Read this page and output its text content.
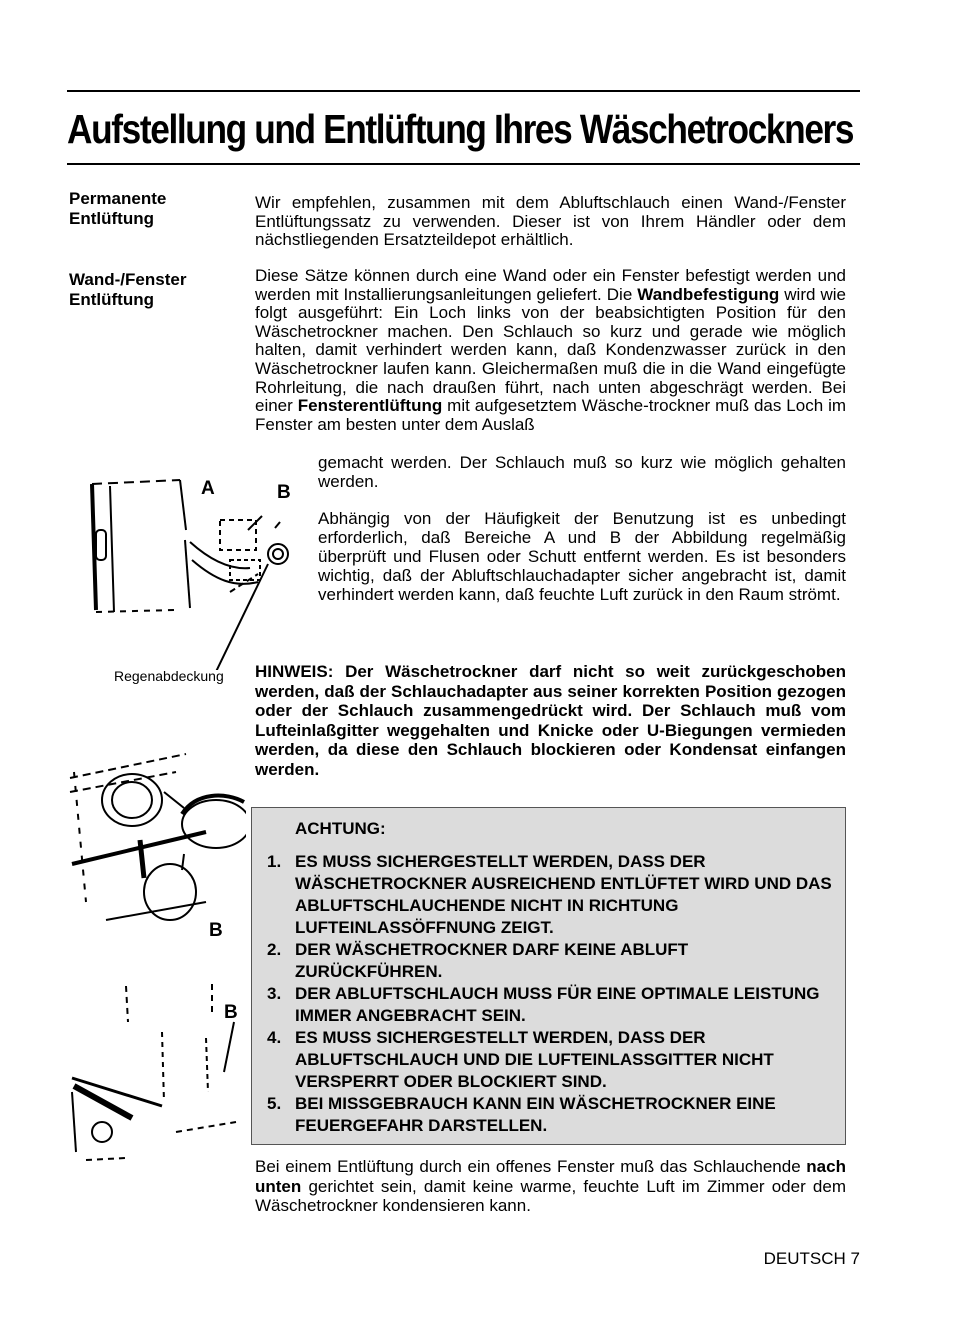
Aufstellung und Entlüftung Ihres Wäschetrockners
Permanente
Entlüftung
Wand-/Fenster
Entlüftung

Wir empfehlen, zusammen mit dem Abluftschlauch einen Wand-/Fenster Entlüftungssatz zu verwenden. Dieser ist von Ihrem Händler oder dem nächstliegenden Ersatzteildepot erhältlich.

Diese Sätze können durch eine Wand oder ein Fenster befestigt werden und werden mit Installierungsanleitungen geliefert. Die Wandbefestigung wird wie folgt ausgeführt: Ein Loch links von der beabsichtigten Position für den Wäschetrockner machen. Den Schlauch so kurz und gerade wie möglich halten, damit verhindert werden kann, daß Kondenzwasser zurück in den Wäschetrockner laufen kann. Gleichermaßen muß die in die Wand eingefügte Rohrleitung, die nach draußen führt, nach unten abgeschrägt werden. Bei einer Fensterentlüftung mit aufgesetztem Wäsche-trockner muß das Loch im Fenster am besten unter dem Auslaß

gemacht werden. Der Schlauch muß so kurz wie möglich gehalten werden.

Abhängig von der Häufigkeit der Benutzung ist es unbedingt erforderlich, daß Bereiche A und B der Abbildung regelmäßig überprüft und Flusen oder Schutt entfernt werden. Es ist besonders wichtig, daß der Abluftschlauchadapter sicher angebracht ist, damit verhindert werden kann, daß feuchte Luft zurück in den Raum strömt.

A	B
Regenabdeckung HINWEIS: Der Wäschetrockner darf nicht so weit zurückgeschoben werden, daß der Schlauchadapter aus seiner korrekten Position gezogen oder der Schlauch zusammengedrückt wird. Der Schlauch muß vom Lufteinlaßgitter weggehalten und Knicke oder U-Biegungen vermieden werden, da diese den Schlauch blockieren oder Kondensat einfangen werden.

B
B
ACHTUNG:
1. ES MUSS SICHERGESTELLT WERDEN, DASS DER WÄSCHETROCKNER AUSREICHEND ENTLÜFTET WIRD UND DAS ABLUFTSCHLAUCHENDE NICHT IN RICHTUNG LUFTEINLASSÖFFNUNG ZEIGT.
2. DER WÄSCHETROCKNER DARF KEINE ABLUFT ZURÜCKFÜHREN.
3. DER ABLUFTSCHLAUCH MUSS FÜR EINE OPTIMALE LEISTUNG IMMER ANGEBRACHT SEIN.
4. ES MUSS SICHERGESTELLT WERDEN, DASS DER ABLUFTSCHLAUCH UND DIE LUFTEINLASSGITTER NICHT VERSPERRT ODER BLOCKIERT SIND.
5. BEI MISSGEBRAUCH KANN EIN WÄSCHETROCKNER EINE FEUERGEFAHR DARSTELLEN.

Bei einem Entlüftung durch ein offenes Fenster muß das Schlauchende nach unten gerichtet sein, damit keine warme, feuchte Luft im Zimmer oder dem Wäschetrockner kondensieren kann.

DEUTSCH 7
